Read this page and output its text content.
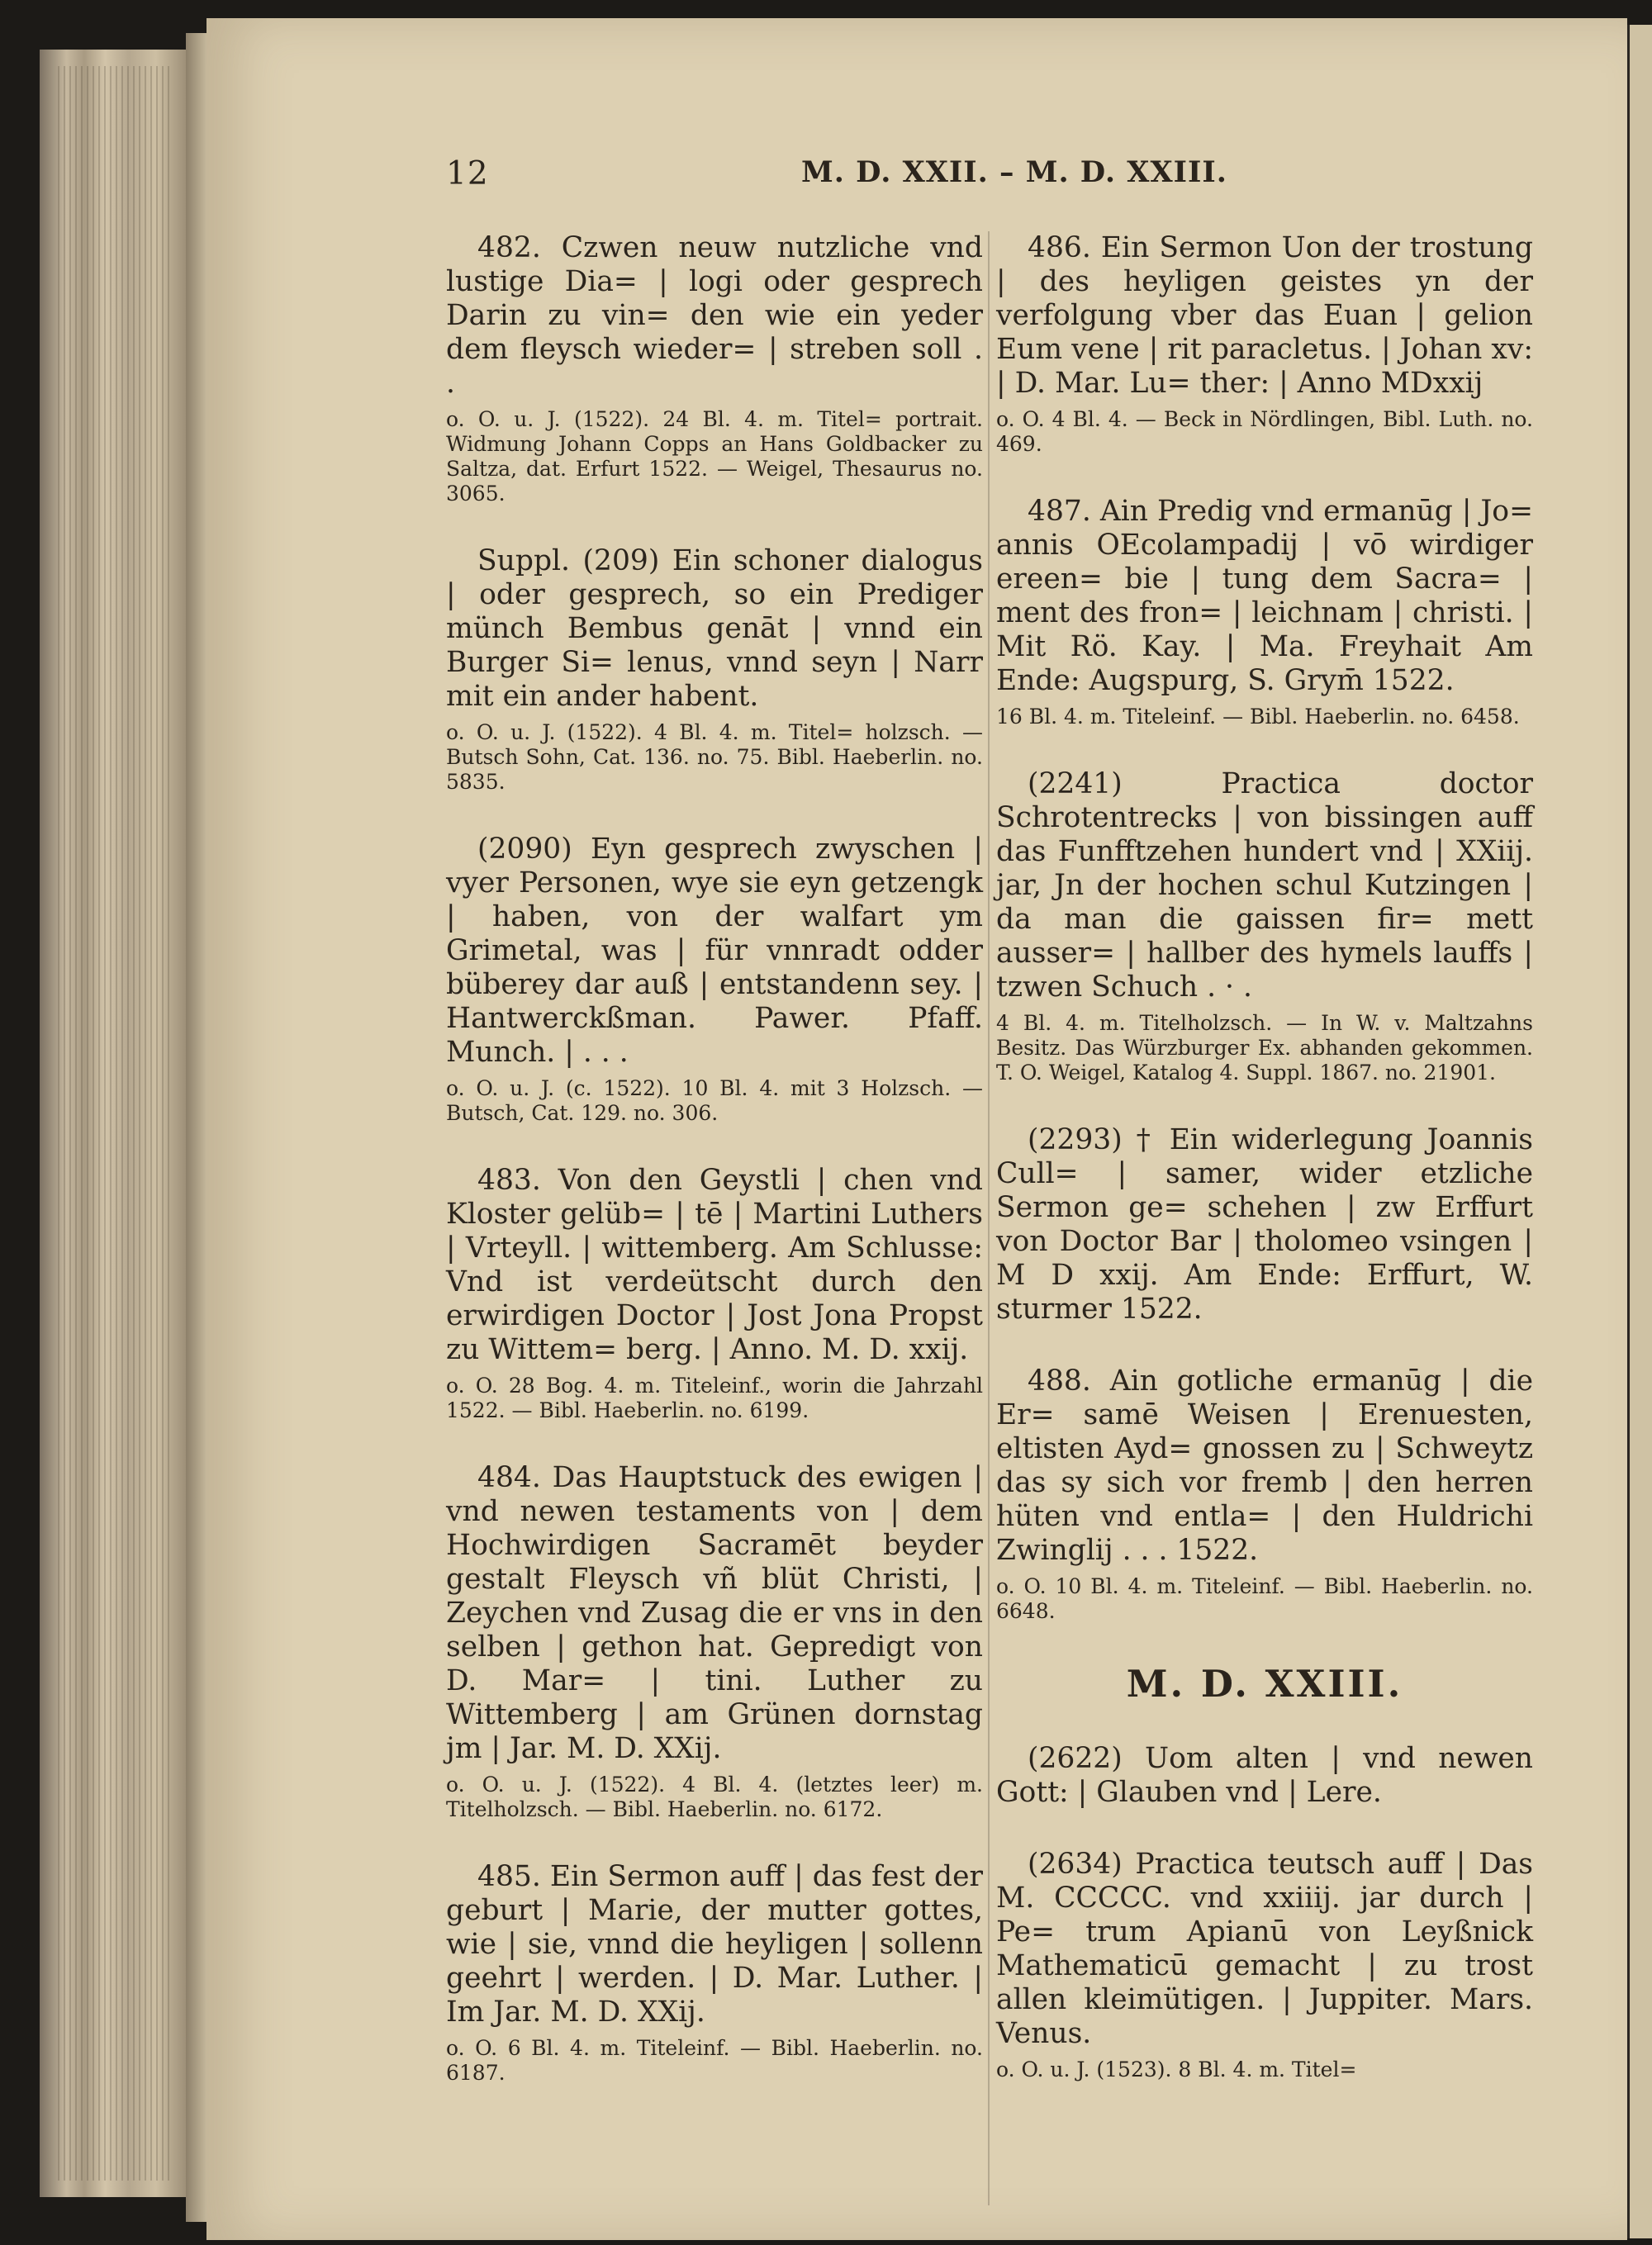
12	M. D. XXII. – M. D. XXIII.

482. Czwen neuw nutzliche vnd lustige Dia= | logi oder gesprech Darin zu vin= den wie ein yeder dem fleysch wieder= | streben soll . .

o. O. u. J. (1522). 24 Bl. 4. m. Titel= portrait. Widmung Johann Copps an Hans Goldbacker zu Saltza, dat. Erfurt 1522. — Weigel, Thesaurus no. 3065.

Suppl. (209) Ein schoner dialogus | oder gesprech, so ein Prediger münch Bembus genāt | vnnd ein Burger Si= lenus, vnnd seyn | Narr mit ein ander habent.

o. O. u. J. (1522). 4 Bl. 4. m. Titel= holzsch. — Butsch Sohn, Cat. 136. no. 75. Bibl. Haeberlin. no. 5835.

(2090) Eyn gesprech zwyschen | vyer Personen, wye sie eyn getzengk | haben, von der walfart ym Grimetal, was | für vnnradt odder büberey dar auß | entstandenn sey. | Hantwerckßman. Pawer. Pfaff. Munch. | . . .

o. O. u. J. (c. 1522). 10 Bl. 4. mit 3 Holzsch. — Butsch, Cat. 129. no. 306.

483. Von den Geystli | chen vnd Kloster gelüb= | tē | Martini Luthers | Vrteyll. | wittemberg. Am Schlusse: Vnd ist verdeütscht durch den erwirdigen Doctor | Jost Jona Propst zu Wittem= berg. | Anno. M. D. xxij.

o. O. 28 Bog. 4. m. Titeleinf., worin die Jahrzahl 1522. — Bibl. Haeberlin. no. 6199.

484. Das Hauptstuck des ewigen | vnd newen testaments von | dem Hochwirdigen Sacramēt beyder gestalt Fleysch vñ blüt Christi, | Zeychen vnd Zusag die er vns in den selben | gethon hat. Gepredigt von D. Mar= | tini. Luther zu Wittemberg | am Grünen dornstag jm | Jar. M. D. XXij.

o. O. u. J. (1522). 4 Bl. 4. (letztes leer) m. Titelholzsch. — Bibl. Haeberlin. no. 6172.

485. Ein Sermon auff | das fest der geburt | Marie, der mutter gottes, wie | sie, vnnd die heyligen | sollenn geehrt | werden. | D. Mar. Luther. | Im Jar. M. D. XXij.

o. O. 6 Bl. 4. m. Titeleinf. — Bibl. Haeberlin. no. 6187.

486. Ein Sermon Uon der trostung | des heyligen geistes yn der verfolgung vber das Euan | gelion Eum vene | rit paracletus. | Johan xv: | D. Mar. Lu= ther: | Anno MDxxij

o. O. 4 Bl. 4. — Beck in Nördlingen, Bibl. Luth. no. 469.

487. Ain Predig vnd ermanūg | Jo= annis OEcolampadij | vō wirdiger ereen= bie | tung dem Sacra= | ment des fron= | leichnam | christi. | Mit Rö. Kay. | Ma. Freyhait Am Ende: Augspurg, S. Grym̄ 1522.

16 Bl. 4. m. Titeleinf. — Bibl. Haeberlin. no. 6458.

(2241) Practica doctor Schrotentrecks | von bissingen auff das Funfftzehen hundert vnd | XXiij. jar, Jn der hochen schul Kutzingen | da man die gaissen fir= mett ausser= | hallber des hymels lauffs | tzwen Schuch . · .

4 Bl. 4. m. Titelholzsch. — In W. v. Maltzahns Besitz. Das Würzburger Ex. abhanden gekommen. T. O. Weigel, Katalog 4. Suppl. 1867. no. 21901.

(2293) † Ein widerlegung Joannis Cull= | samer, wider etzliche Sermon ge= schehen | zw Erffurt von Doctor Bar | tholomeo vsingen | M D xxij. Am Ende: Erffurt, W. sturmer 1522.

488. Ain gotliche ermanūg | die Er= samē Weisen | Erenuesten, eltisten Ayd= gnossen zu | Schweytz das sy sich vor fremb | den herren hüten vnd entla= | den Huldrichi Zwinglij . . . 1522.

o. O. 10 Bl. 4. m. Titeleinf. — Bibl. Haeberlin. no. 6648.

M. D. XXIII.

(2622) Uom alten | vnd newen Gott: | Glauben vnd | Lere.

(2634) Practica teutsch auff | Das M. CCCCC. vnd xxiiij. jar durch | Pe= trum Apianū von Leyßnick Mathematicū gemacht | zu trost allen kleimütigen. | Juppiter. Mars. Venus.

o. O. u. J. (1523). 8 Bl. 4. m. Titel=
